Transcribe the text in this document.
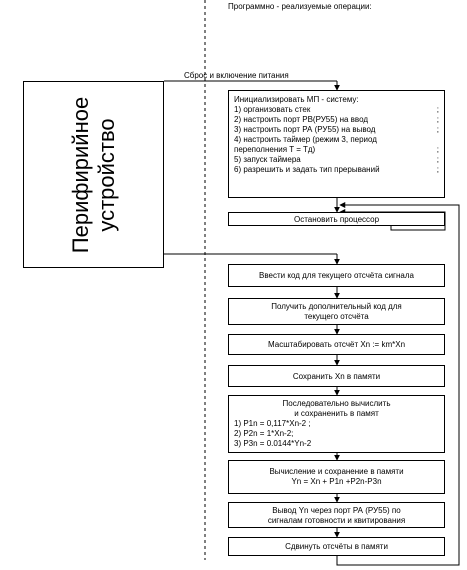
Программно - реализуемые операции:
Перифирийное устройство
Сброс и включение питания
Инициализировать МП - систему:
1) организовать стек	;
2) настроить порт РВ(РУ55) на ввод	;
3) настроить порт РА (РУ55) на вывод	;
4) настроить таймер (режим 3, период
переполнения T = Tд)	;
5) запуск таймера	;
6) разрешить и задать тип прерываний	;
Остановить процессор
Ввести код для текущего отсчёта сигнала
Получить дополнительный код для
текущего отсчёта
Масштабировать отсчёт Xn := km*Xn
Сохранить Xn в памяти
Последовательно вычислить
и сохраненить в памят
1) P1n = 0,117*Xn-2 ;
2) P2n = 1*Xn-2;
3) P3n = 0.0144*Yn-2
Вычисление и сохранение в памяти
Yn = Xn + P1n +P2n-P3n
Вывод Yn через порт РА (РУ55) по
сигналам готовности и квитирования
Сдвинуть отсчёты в памяти
